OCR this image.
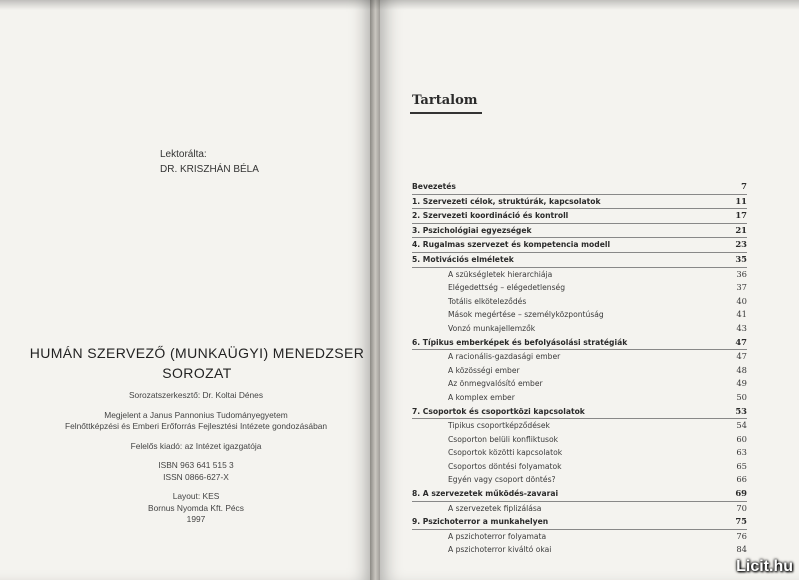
Lektorálta:
DR. KRISZHÁN BÉLA
HUMÁN SZERVEZŐ (MUNKAÜGYI) MENEDZSER
SOROZAT
Sorozatszerkesztő: Dr. Koltai Dénes
Megjelent a Janus Pannonius Tudományegyetem
Felnőttképzési és Emberi Erőforrás Fejlesztési Intézete gondozásában
Felelős kiadó: az Intézet igazgatója
ISBN 963 641 515 3
ISSN 0866-627-X
Layout: KES
Bornus Nyomda Kft. Pécs
1997
Tartalom
Bevezetés	7
1. Szervezeti célok, struktúrák, kapcsolatok	11
2. Szervezeti koordináció és kontroll	17
3. Pszichológiai egyezségek	21
4. Rugalmas szervezet és kompetencia modell	23
5. Motivációs elméletek	35
A szükségletek hierarchiája	36
Elégedettség – elégedetlenség	37
Totális elköteleződés	40
Mások megértése – személyközpontúság	41
Vonzó munkajellemzők	43
6. Típikus emberképek és befolyásolási stratégiák	47
A racionális-gazdasági ember	47
A közösségi ember	48
Az önmegvalósító ember	49
A komplex ember	50
7. Csoportok és csoportközi kapcsolatok	53
Tipikus csoportképződések	54
Csoporton belüli konfliktusok	60
Csoportok közötti kapcsolatok	63
Csoportos döntési folyamatok	65
Egyén vagy csoport döntés?	66
8. A szervezetek működés-zavarai	69
A szervezetek fiplizálása	70
9. Pszichoterror a munkahelyen	75
A pszichoterror folyamata	76
A pszichoterror kiváltó okai	84
Licit.hu
